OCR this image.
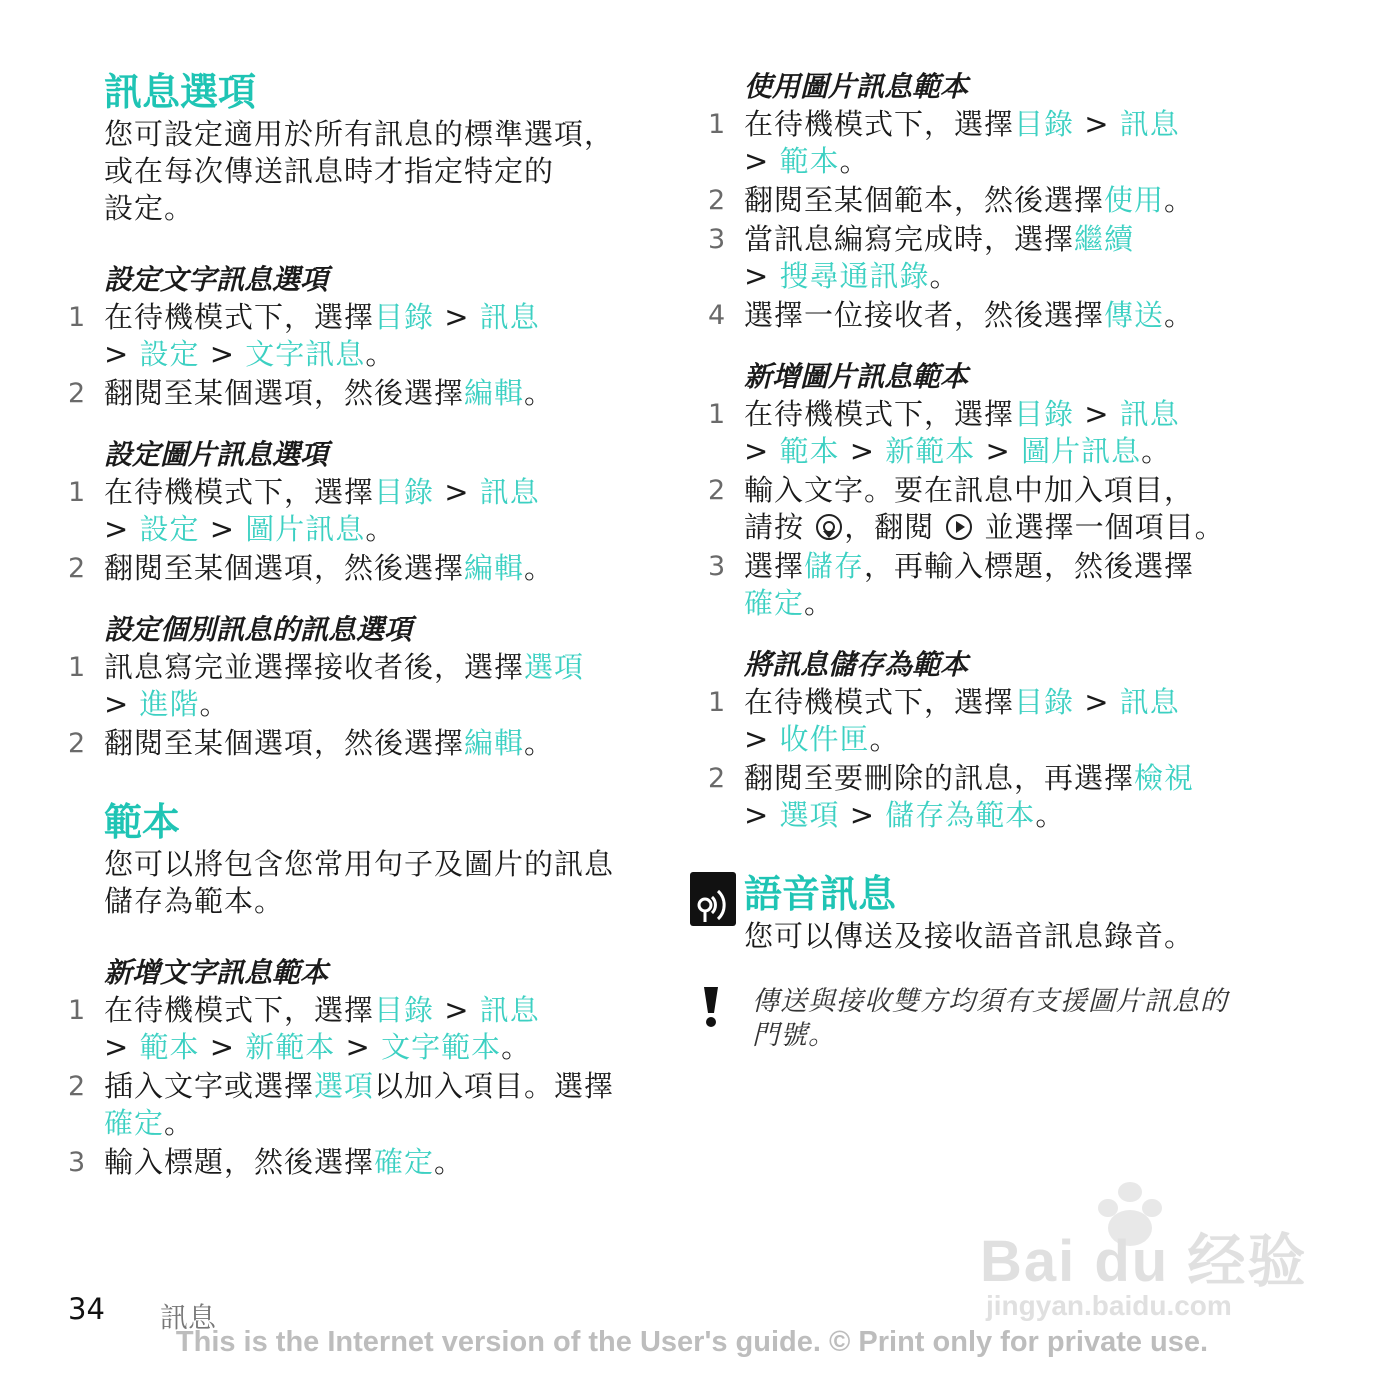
訊息選項
您可設定適用於所有訊息的標準選項，
或在每次傳送訊息時才指定特定的
設定。
設定文字訊息選項
1 在待機模式下，選擇目錄 > 訊息
> 設定 > 文字訊息。
2 翻閱至某個選項，然後選擇編輯。
設定圖片訊息選項
1 在待機模式下，選擇目錄 > 訊息
> 設定 > 圖片訊息。
2 翻閱至某個選項，然後選擇編輯。
設定個別訊息的訊息選項
1 訊息寫完並選擇接收者後，選擇選項
> 進階。
2 翻閱至某個選項，然後選擇編輯。
範本
您可以將包含您常用句子及圖片的訊息
儲存為範本。
新增文字訊息範本
1 在待機模式下，選擇目錄 > 訊息
> 範本 > 新範本 > 文字範本。
2 插入文字或選擇選項以加入項目。選擇
確定。
3 輸入標題，然後選擇確定。
使用圖片訊息範本
1 在待機模式下，選擇目錄 > 訊息
> 範本。
2 翻閱至某個範本，然後選擇使用。
3 當訊息編寫完成時，選擇繼續
> 搜尋通訊錄。
4 選擇一位接收者，然後選擇傳送。
新增圖片訊息範本
1 在待機模式下，選擇目錄 > 訊息
> 範本 > 新範本 > 圖片訊息。
2 輸入文字。要在訊息中加入項目，
請按 ，翻閱  並選擇一個項目。
3 選擇儲存，再輸入標題，然後選擇
確定。
將訊息儲存為範本
1 在待機模式下，選擇目錄 > 訊息
> 收件匣。
2 翻閱至要刪除的訊息，再選擇檢視
> 選項 > 儲存為範本。
語音訊息
您可以傳送及接收語音訊息錄音。
傳送與接收雙方均須有支援圖片訊息的
門號。
Bai du 经验
jingyan.baidu.com
34 訊息
This is the Internet version of the User's guide. © Print only for private use.
